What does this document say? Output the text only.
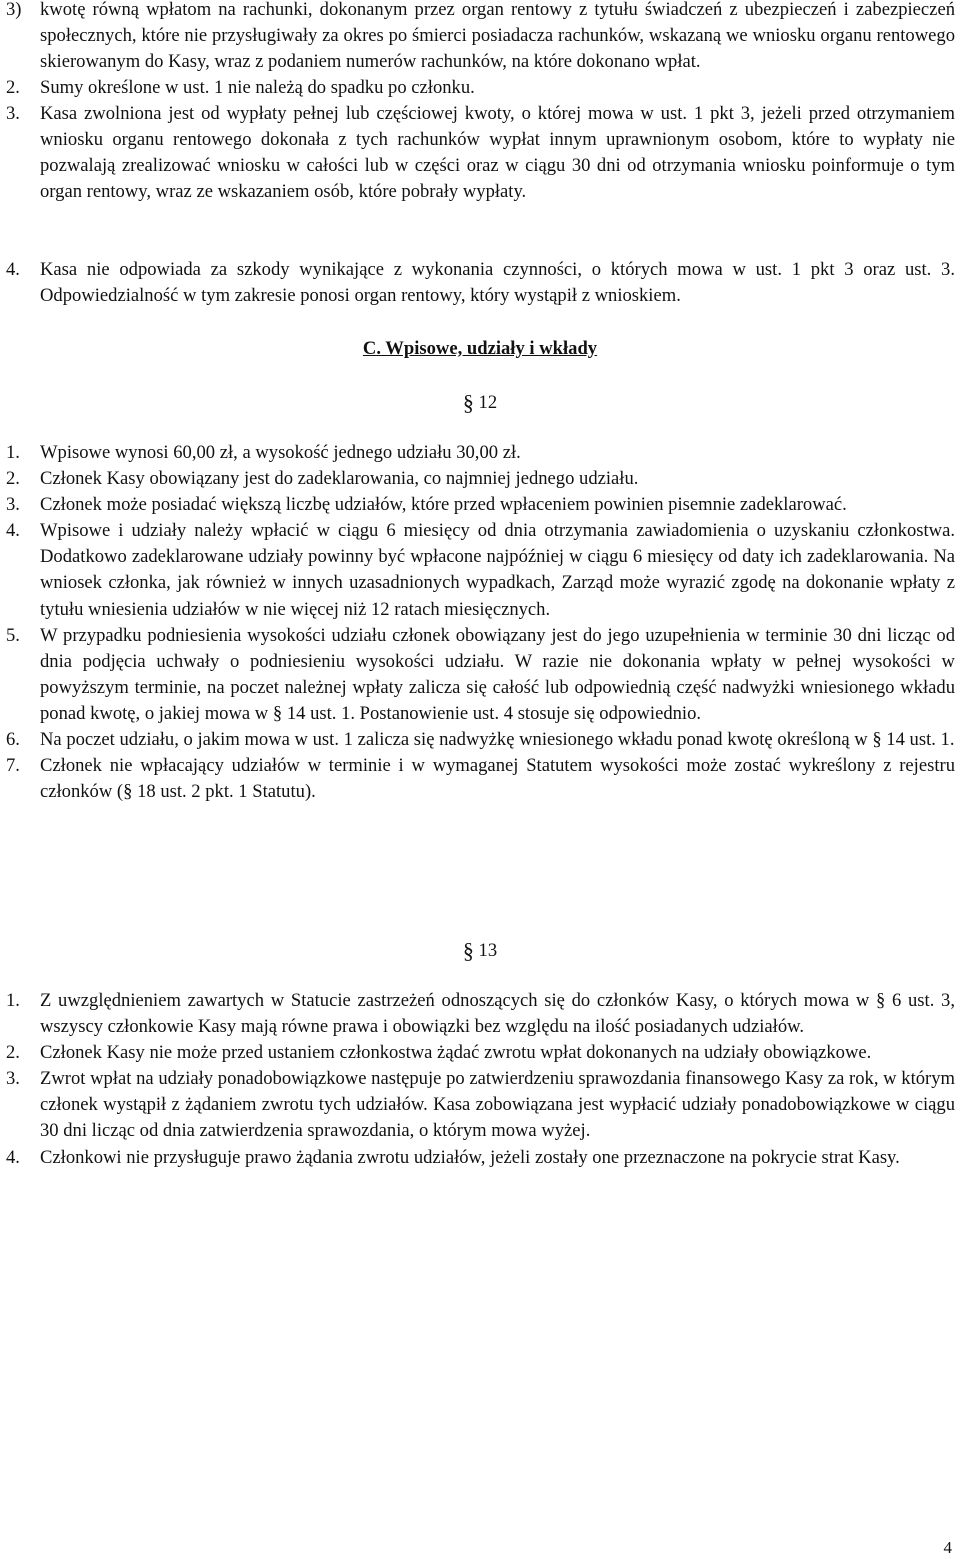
3) kwotę równą wpłatom na rachunki, dokonanym przez organ rentowy z tytułu świadczeń z ubezpieczeń i zabezpieczeń społecznych, które nie przysługiwały za okres po śmierci posiadacza rachunków, wskazaną we wniosku organu rentowego skierowanym do Kasy, wraz z podaniem numerów rachunków, na które dokonano wpłat.
2. Sumy określone w ust. 1 nie należą do spadku po członku.
3. Kasa zwolniona jest od wypłaty pełnej lub częściowej kwoty, o której mowa w ust. 1 pkt 3, jeżeli przed otrzymaniem wniosku organu rentowego dokonała z tych rachunków wypłat innym uprawnionym osobom, które to wypłaty nie pozwalają zrealizować wniosku w całości lub w części oraz w ciągu 30 dni od otrzymania wniosku poinformuje o tym organ rentowy, wraz ze wskazaniem osób, które pobrały wypłaty.
4. Kasa nie odpowiada za szkody wynikające z wykonania czynności, o których mowa w ust. 1 pkt 3 oraz ust. 3. Odpowiedzialność w tym zakresie ponosi organ rentowy, który wystąpił z wnioskiem.
C. Wpisowe, udziały i wkłady
§ 12
1. Wpisowe wynosi 60,00 zł, a wysokość jednego udziału 30,00 zł.
2. Członek Kasy obowiązany jest do zadeklarowania, co najmniej jednego udziału.
3. Członek może posiadać większą liczbę udziałów, które przed wpłaceniem powinien pisemnie zadeklarować.
4. Wpisowe i udziały należy wpłacić w ciągu 6 miesięcy od dnia otrzymania zawiadomienia o uzyskaniu członkostwa. Dodatkowo zadeklarowane udziały powinny być wpłacone najpóźniej w ciągu 6 miesięcy od daty ich zadeklarowania. Na wniosek członka, jak również w innych uzasadnionych wypadkach, Zarząd może wyrazić zgodę na dokonanie wpłaty z tytułu wniesienia udziałów w nie więcej niż 12 ratach miesięcznych.
5. W przypadku podniesienia wysokości udziału członek obowiązany jest do jego uzupełnienia w terminie 30 dni licząc od dnia podjęcia uchwały o podniesieniu wysokości udziału. W razie nie dokonania wpłaty w pełnej wysokości w powyższym terminie, na poczet należnej wpłaty zalicza się całość lub odpowiednią część nadwyżki wniesionego wkładu ponad kwotę, o jakiej mowa w § 14 ust. 1. Postanowienie ust. 4 stosuje się odpowiednio.
6. Na poczet udziału, o jakim mowa w ust. 1 zalicza się nadwyżkę wniesionego wkładu ponad kwotę określoną w § 14 ust. 1.
7. Członek nie wpłacający udziałów w terminie i w wymaganej Statutem wysokości może zostać wykreślony z rejestru członków (§ 18 ust. 2 pkt. 1 Statutu).
§ 13
1. Z uwzględnieniem zawartych w Statucie zastrzeżeń odnoszących się do członków Kasy, o których mowa w § 6 ust. 3, wszyscy członkowie Kasy mają równe prawa i obowiązki bez względu na ilość posiadanych udziałów.
2. Członek Kasy nie może przed ustaniem członkostwa żądać zwrotu wpłat dokonanych na udziały obowiązkowe.
3. Zwrot wpłat na udziały ponadobowiązkowe następuje po zatwierdzeniu sprawozdania finansowego Kasy za rok, w którym członek wystąpił z żądaniem zwrotu tych udziałów. Kasa zobowiązana jest wypłacić udziały ponadobowiązkowe w ciągu 30 dni licząc od dnia zatwierdzenia sprawozdania, o którym mowa wyżej.
4. Członkowi nie przysługuje prawo żądania zwrotu udziałów, jeżeli zostały one przeznaczone na pokrycie strat Kasy.
4
